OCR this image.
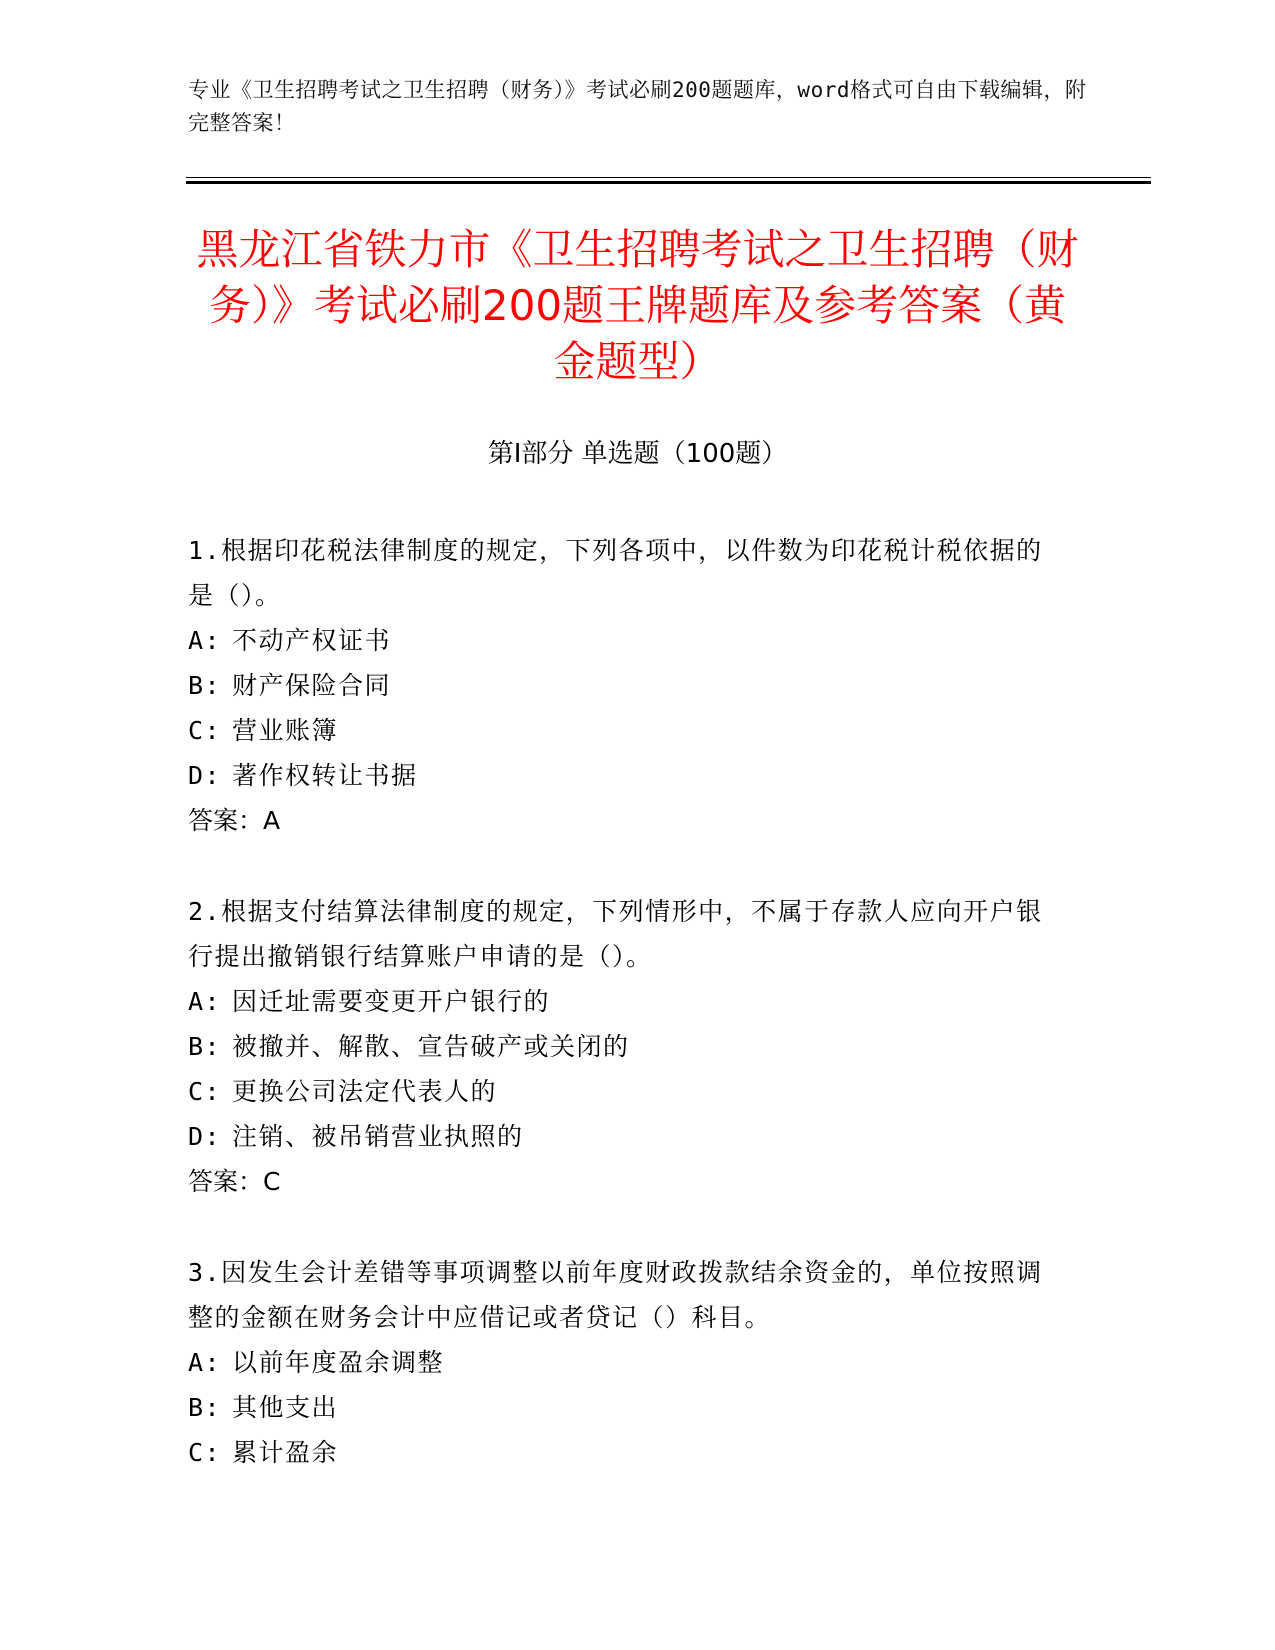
专业《卫生招聘考试之卫生招聘（财务）》考试必刷200题题库，word格式可自由下载编辑，附完整答案！
黑龙江省铁力市《卫生招聘考试之卫生招聘（财务）》考试必刷200题王牌题库及参考答案（黄金题型）
第Ⅰ部分 单选题（100题）
1.根据印花税法律制度的规定，下列各项中，以件数为印花税计税依据的是（）。
A: 不动产权证书
B: 财产保险合同
C: 营业账簿
D: 著作权转让书据
答案：A
2.根据支付结算法律制度的规定，下列情形中，不属于存款人应向开户银行提出撤销银行结算账户申请的是（）。
A: 因迁址需要变更开户银行的
B: 被撤并、解散、宣告破产或关闭的
C: 更换公司法定代表人的
D: 注销、被吊销营业执照的
答案：C
3.因发生会计差错等事项调整以前年度财政拨款结余资金的，单位按照调整的金额在财务会计中应借记或者贷记（）科目。
A: 以前年度盈余调整
B: 其他支出
C: 累计盈余
